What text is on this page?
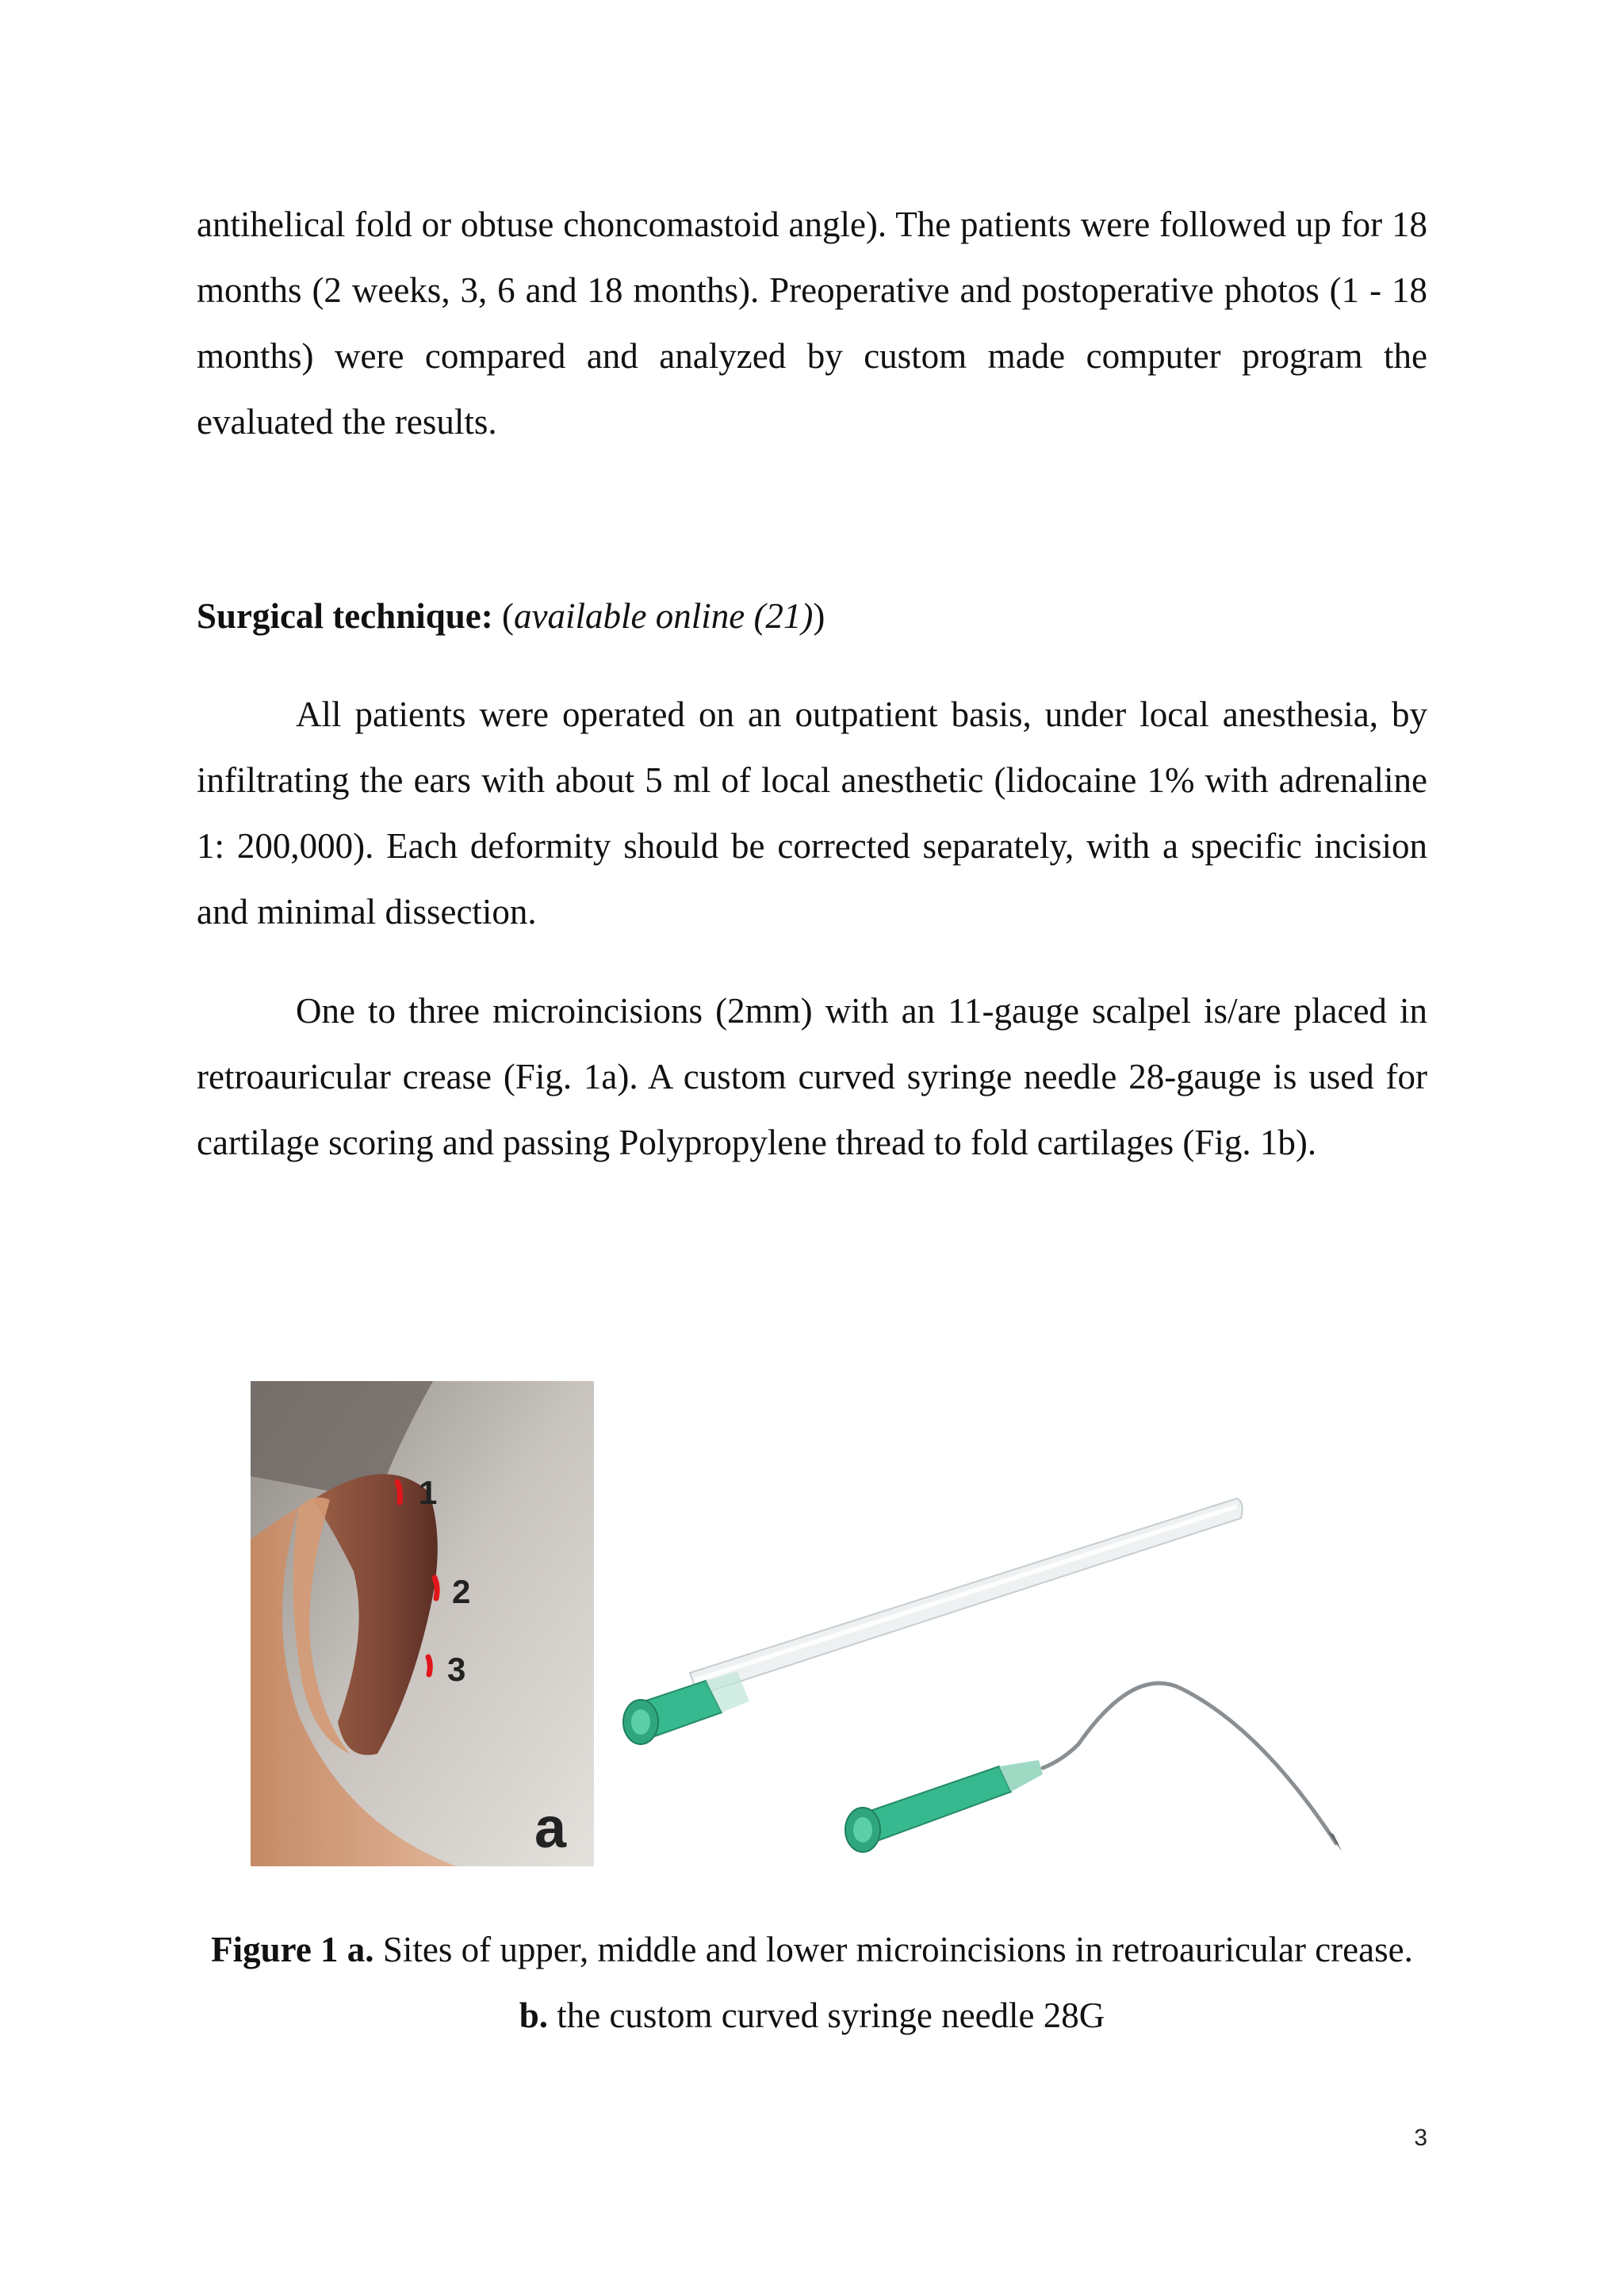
antihelical fold or obtuse choncomastoid angle). The patients were followed up for 18 months (2 weeks, 3, 6 and 18 months). Preoperative and postoperative photos (1 - 18 months) were compared and analyzed by custom made computer program the evaluated the results.

Surgical technique: (available online (21))

All patients were operated on an outpatient basis, under local anesthesia, by infiltrating the ears with about 5 ml of local anesthetic (lidocaine 1% with adrenaline 1: 200,000). Each deformity should be corrected separately, with a specific incision and minimal dissection.

One to three microincisions (2mm) with an 11-gauge scalpel is/are placed in retroauricular crease (Fig. 1a). A custom curved syringe needle 28-gauge is used for cartilage scoring and passing Polypropylene thread to fold cartilages (Fig. 1b).

1
2
3
a

Figure 1 a. Sites of upper, middle and lower microincisions in retroauricular crease. b. the custom curved syringe needle 28G

3
